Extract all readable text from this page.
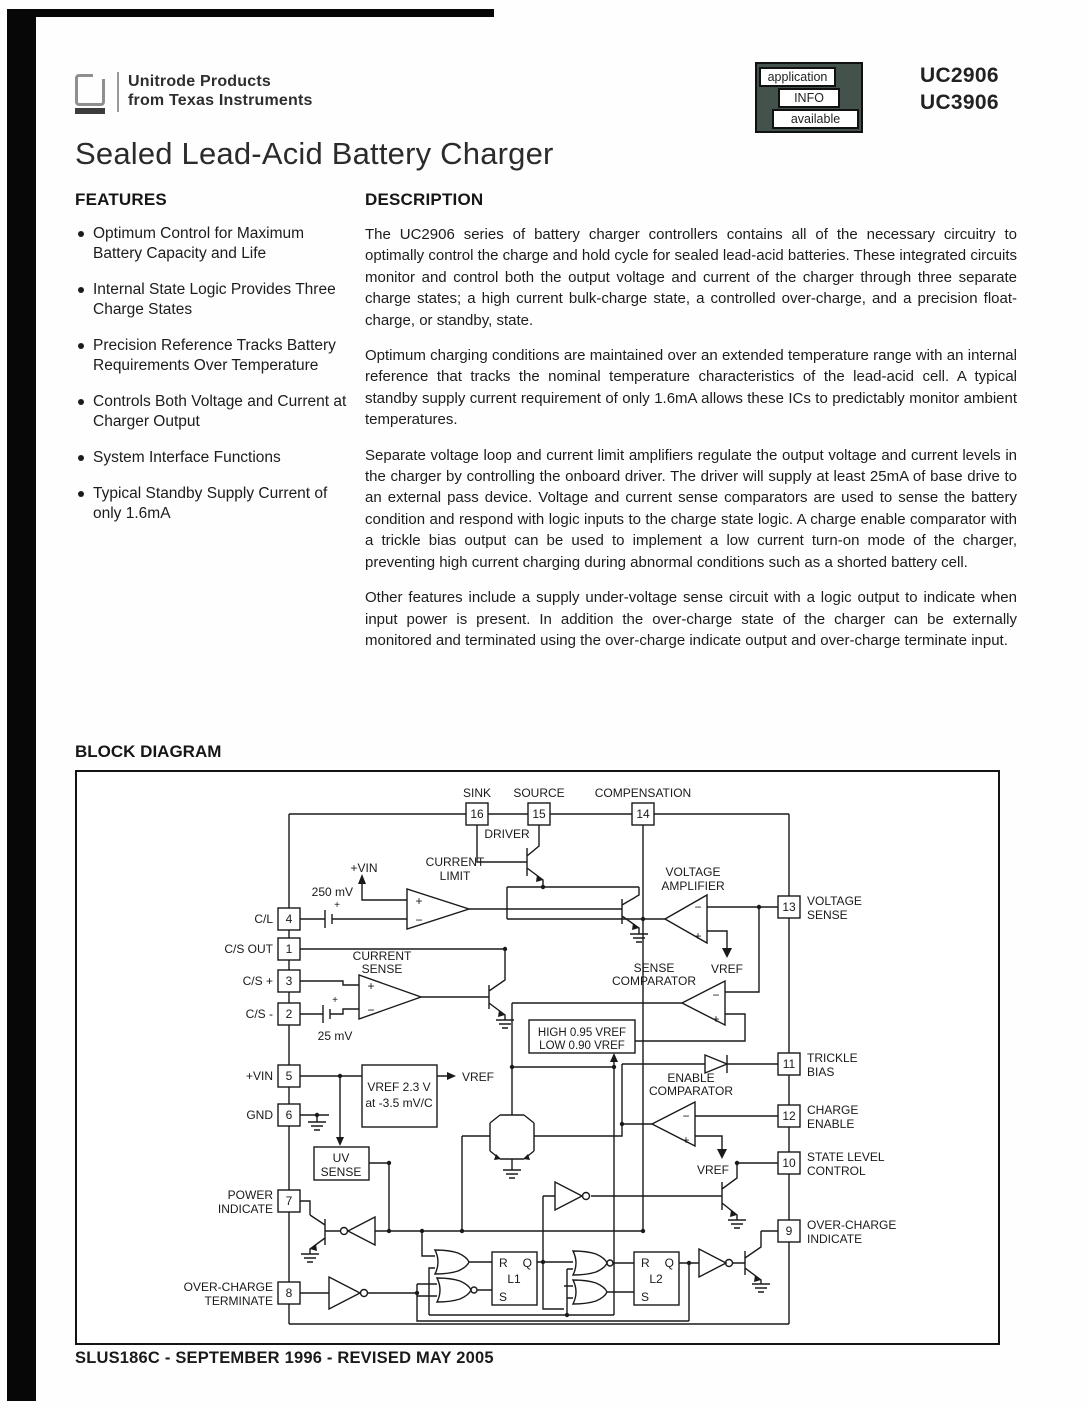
Unitrode Products
from Texas Instruments
application
INFO
available
UC2906
UC3906
Sealed Lead-Acid Battery Charger
FEATURES
Optimum Control for Maximum Battery Capacity and Life
Internal State Logic Provides Three Charge States
Precision Reference Tracks Battery Requirements Over Temperature
Controls Both Voltage and Current at Charger Output
System Interface Functions
Typical Standby Supply Current of only 1.6mA
DESCRIPTION

The UC2906 series of battery charger controllers contains all of the necessary circuitry to optimally control the charge and hold cycle for sealed lead-acid batteries. These integrated circuits monitor and control both the output voltage and current of the charger through three separate charge states; a high current bulk-charge state, a controlled over-charge, and a precision float-charge, or standby, state.

Optimum charging conditions are maintained over an extended temperature range with an internal reference that tracks the nominal temperature characteristics of the lead-acid cell. A typical standby supply current requirement of only 1.6mA allows these ICs to predictably monitor ambient temperatures.

Separate voltage loop and current limit amplifiers regulate the output voltage and current levels in the charger by controlling the onboard driver. The driver will supply at least 25mA of base drive to an external pass device. Voltage and current sense comparators are used to sense the battery condition and respond with logic inputs to the charge state logic. A charge enable comparator with a trickle bias output can be used to implement a low current turn-on mode of the charger, preventing high current charging during abnormal conditions such as a shorted battery cell.

Other features include a supply under-voltage sense circuit with a logic output to indicate when input power is present. In addition the over-charge state of the charger can be externally monitored and terminated using the over-charge indicate output and over-charge terminate input.

BLOCK DIAGRAM
16	15	14
4
1
3
2
5
6
7
8
13
11
12
10
9
SINK SOURCE	COMPENSATION
C/L
C/S OUT
C/S +
C/S -
+VIN
GND
POWER
INDICATE
OVER-CHARGE
TERMINATE
VOLTAGE
SENSE
TRICKLE
BIAS
CHARGE
ENABLE
STATE LEVEL
CONTROL
OVER-CHARGE
INDICATE
DRIVER
CURRENT
LIMIT
CURRENT
SENSE
VOLTAGE
AMPLIFIER
SENSE
COMPARATOR
ENABLE
COMPARATOR
VREF 2.3 V
at -3.5 mV/C
UV
SENSE
+VIN
250 mV
25 mV
VREF
VREF
VREF
HIGH 0.95 VREF
LOW 0.90 VREF
R Q
L1
S
R Q
L2
S
+
−
+
−
−
+
−
+
−
+
+
+
SLUS186C - SEPTEMBER 1996 - REVISED MAY 2005
